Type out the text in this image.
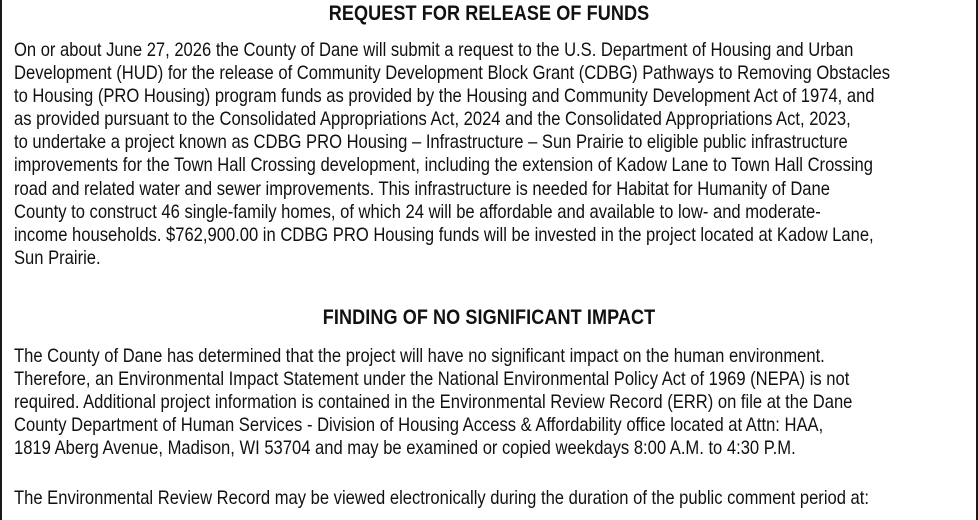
REQUEST FOR RELEASE OF FUNDS
On or about June 27, 2026 the County of Dane will submit a request to the U.S. Department of Housing and Urban
Development (HUD) for the release of Community Development Block Grant (CDBG) Pathways to Removing Obstacles
to Housing (PRO Housing) program funds as provided by the Housing and Community Development Act of 1974, and
as provided pursuant to the Consolidated Appropriations Act, 2024 and the Consolidated Appropriations Act, 2023,
to undertake a project known as CDBG PRO Housing – Infrastructure – Sun Prairie to eligible public infrastructure
improvements for the Town Hall Crossing development, including the extension of Kadow Lane to Town Hall Crossing
road and related water and sewer improvements. This infrastructure is needed for Habitat for Humanity of Dane
County to construct 46 single-family homes, of which 24 will be affordable and available to low- and moderate-
income households. $762,900.00 in CDBG PRO Housing funds will be invested in the project located at Kadow Lane,
Sun Prairie.
FINDING OF NO SIGNIFICANT IMPACT
The County of Dane has determined that the project will have no significant impact on the human environment.
Therefore, an Environmental Impact Statement under the National Environmental Policy Act of 1969 (NEPA) is not
required. Additional project information is contained in the Environmental Review Record (ERR) on file at the Dane
County Department of Human Services - Division of Housing Access & Affordability office located at Attn: HAA,
1819 Aberg Avenue, Madison, WI 53704 and may be examined or copied weekdays 8:00 A.M. to 4:30 P.M.
The Environmental Review Record may be viewed electronically during the duration of the public comment period at:
